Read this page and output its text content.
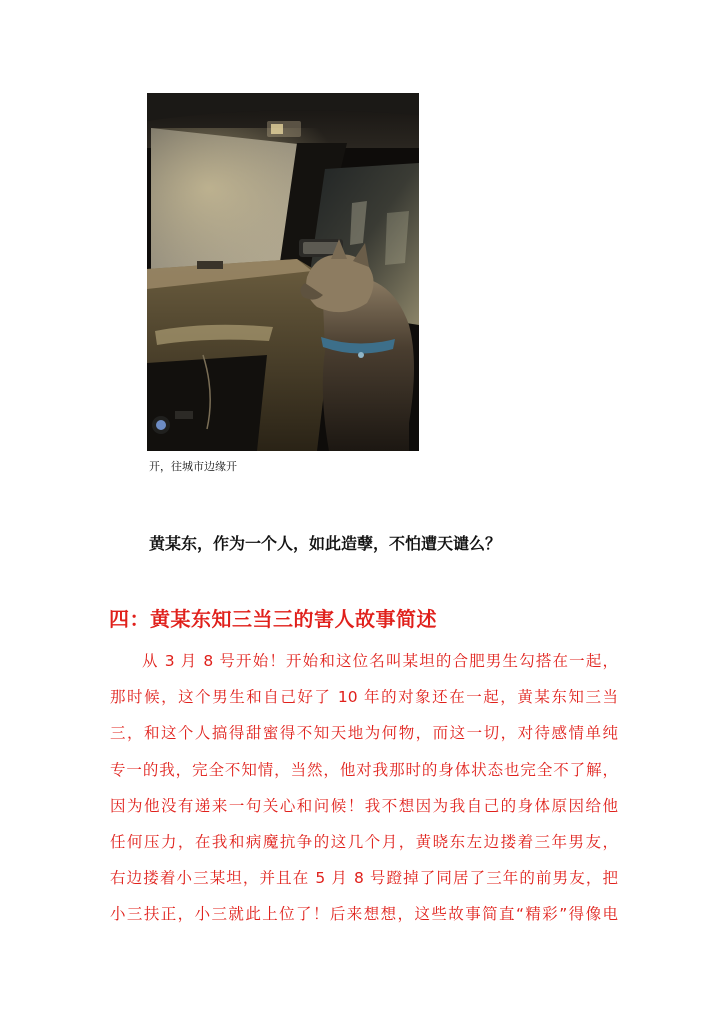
开，往城市边缘开
黄某东，作为一个人，如此造孽，不怕遭天谴么？
四：黄某东知三当三的害人故事简述
从 3 月 8 号开始！开始和这位名叫某坦的合肥男生勾搭在一起，
那时候，这个男生和自己好了 10 年的对象还在一起，黄某东知三当
三，和这个人搞得甜蜜得不知天地为何物，而这一切，对待感情单纯
专一的我，完全不知情，当然，他对我那时的身体状态也完全不了解，
因为他没有递来一句关心和问候！我不想因为我自己的身体原因给他
任何压力，在我和病魔抗争的这几个月，黄晓东左边搂着三年男友，
右边搂着小三某坦，并且在 5 月 8 号蹬掉了同居了三年的前男友，把
小三扶正，小三就此上位了！后来想想，这些故事简直“精彩”得像电
